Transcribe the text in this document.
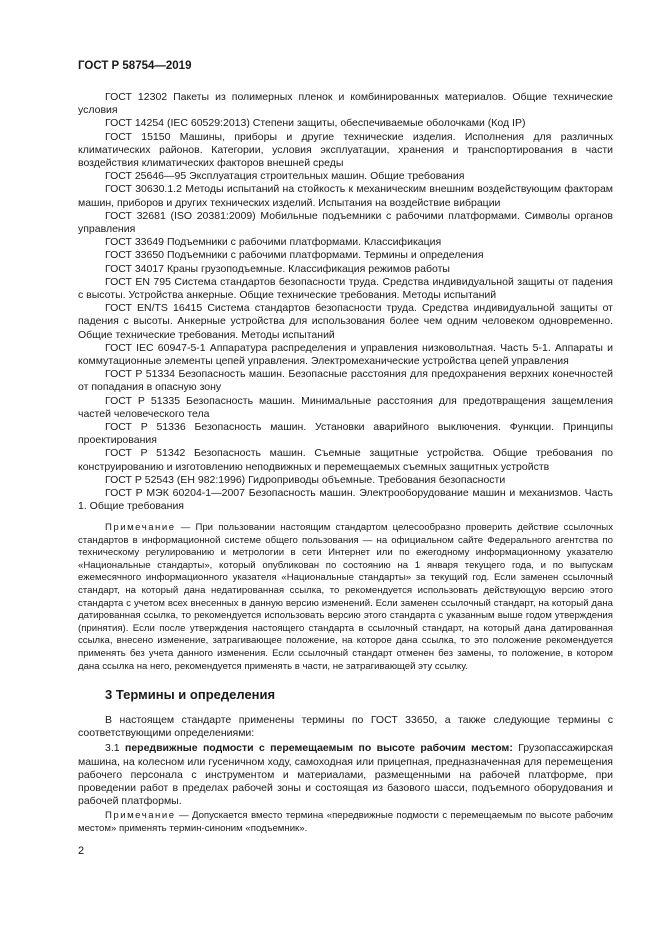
ГОСТ Р 58754—2019

ГОСТ 12302 Пакеты из полимерных пленок и комбинированных материалов. Общие технические условия

ГОСТ 14254 (IEC 60529:2013) Степени защиты, обеспечиваемые оболочками (Код IP)

ГОСТ 15150 Машины, приборы и другие технические изделия. Исполнения для различных климатических районов. Категории, условия эксплуатации, хранения и транспортирования в части воздействия климатических факторов внешней среды

ГОСТ 25646—95 Эксплуатация строительных машин. Общие требования

ГОСТ 30630.1.2 Методы испытаний на стойкость к механическим внешним воздействующим факторам машин, приборов и других технических изделий. Испытания на воздействие вибрации

ГОСТ 32681 (ISO 20381:2009) Мобильные подъемники с рабочими платформами. Символы органов управления

ГОСТ 33649 Подъемники с рабочими платформами. Классификация

ГОСТ 33650 Подъемники с рабочими платформами. Термины и определения

ГОСТ 34017 Краны грузоподъемные. Классификация режимов работы

ГОСТ EN 795 Система стандартов безопасности труда. Средства индивидуальной защиты от падения с высоты. Устройства анкерные. Общие технические требования. Методы испытаний

ГОСТ EN/TS 16415 Система стандартов безопасности труда. Средства индивидуальной защиты от падения с высоты. Анкерные устройства для использования более чем одним человеком одновременно. Общие технические требования. Методы испытаний

ГОСТ IEC 60947-5-1 Аппаратура распределения и управления низковольтная. Часть 5-1. Аппараты и коммутационные элементы цепей управления. Электромеханические устройства цепей управления

ГОСТ Р 51334 Безопасность машин. Безопасные расстояния для предохранения верхних конечностей от попадания в опасную зону

ГОСТ Р 51335 Безопасность машин. Минимальные расстояния для предотвращения защемления частей человеческого тела

ГОСТ Р 51336 Безопасность машин. Установки аварийного выключения. Функции. Принципы проектирования

ГОСТ Р 51342 Безопасность машин. Съемные защитные устройства. Общие требования по конструированию и изготовлению неподвижных и перемещаемых съемных защитных устройств

ГОСТ Р 52543 (ЕН 982:1996) Гидроприводы объемные. Требования безопасности

ГОСТ Р МЭК 60204-1—2007 Безопасность машин. Электрооборудование машин и механизмов. Часть 1. Общие требования

Примечание — При пользовании настоящим стандартом целесообразно проверить действие ссылочных стандартов в информационной системе общего пользования — на официальном сайте Федерального агентства по техническому регулированию и метрологии в сети Интернет или по ежегодному информационному указателю «Национальные стандарты», который опубликован по состоянию на 1 января текущего года, и по выпускам ежемесячного информационного указателя «Национальные стандарты» за текущий год. Если заменен ссылочный стандарт, на который дана недатированная ссылка, то рекомендуется использовать действующую версию этого стандарта с учетом всех внесенных в данную версию изменений. Если заменен ссылочный стандарт, на который дана датированная ссылка, то рекомендуется использовать версию этого стандарта с указанным выше годом утверждения (принятия). Если после утверждения настоящего стандарта в ссылочный стандарт, на который дана датированная ссылка, внесено изменение, затрагивающее положение, на которое дана ссылка, то это положение рекомендуется применять без учета данного изменения. Если ссылочный стандарт отменен без замены, то положение, в котором дана ссылка на него, рекомендуется применять в части, не затрагивающей эту ссылку.

3 Термины и определения

В настоящем стандарте применены термины по ГОСТ 33650, а также следующие термины с соответствующими определениями:

3.1 передвижные подмости с перемещаемым по высоте рабочим местом: Грузопассажирская машина, на колесном или гусеничном ходу, самоходная или прицепная, предназначенная для перемещения рабочего персонала с инструментом и материалами, размещенными на рабочей платформе, при проведении работ в пределах рабочей зоны и состоящая из базового шасси, подъемного оборудования и рабочей платформы.

Примечание — Допускается вместо термина «передвижные подмости с перемещаемым по высоте рабочим местом» применять термин-синоним «подъемник».

2
